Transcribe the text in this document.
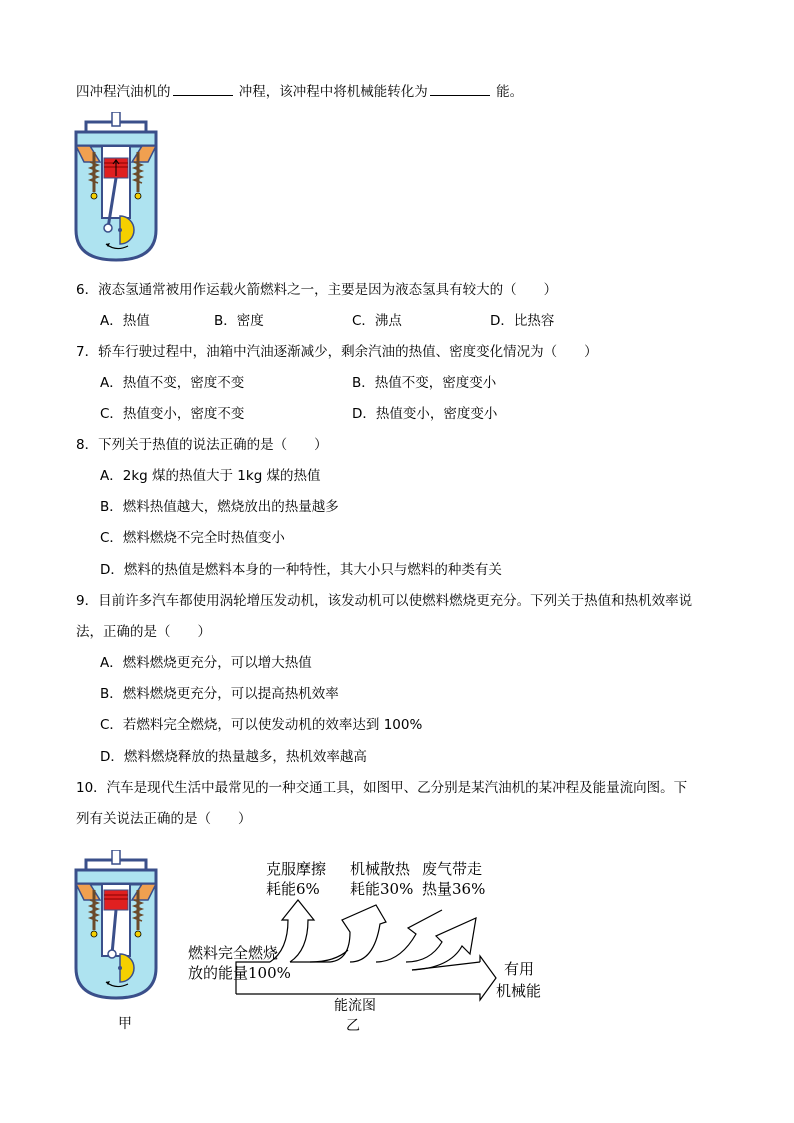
四冲程汽油机的	冲程，该冲程中将机械能转化为	能。
6．液态氢通常被用作运载火箭燃料之一，主要是因为液态氢具有较大的（　　）
A．热值	B．密度	C．沸点	D．比热容
7．轿车行驶过程中，油箱中汽油逐渐减少，剩余汽油的热值、密度变化情况为（　　）
A．热值不变，密度不变	B．热值不变，密度变小
C．热值变小，密度不变	D．热值变小，密度变小
8．下列关于热值的说法正确的是（　　）
A．2kg 煤的热值大于 1kg 煤的热值
B．燃料热值越大，燃烧放出的热量越多
C．燃料燃烧不完全时热值变小
D．燃料的热值是燃料本身的一种特性，其大小只与燃料的种类有关
9．目前许多汽车都使用涡轮增压发动机，该发动机可以使燃料燃烧更充分。下列关于热值和热机效率说
法，正确的是（　　）
A．燃料燃烧更充分，可以增大热值
B．燃料燃烧更充分，可以提高热机效率
C．若燃料完全燃烧，可以使发动机的效率达到 100%
D．燃料燃烧释放的热量越多，热机效率越高
10．汽车是现代生活中最常见的一种交通工具，如图甲、乙分别是某汽油机的某冲程及能量流向图。下
列有关说法正确的是（　　）
甲
克服摩擦
耗能6%
机械散热
耗能30%
废气带走
热量36%
燃料完全燃烧
放的能量100%	有用
机械能
能流图
乙
